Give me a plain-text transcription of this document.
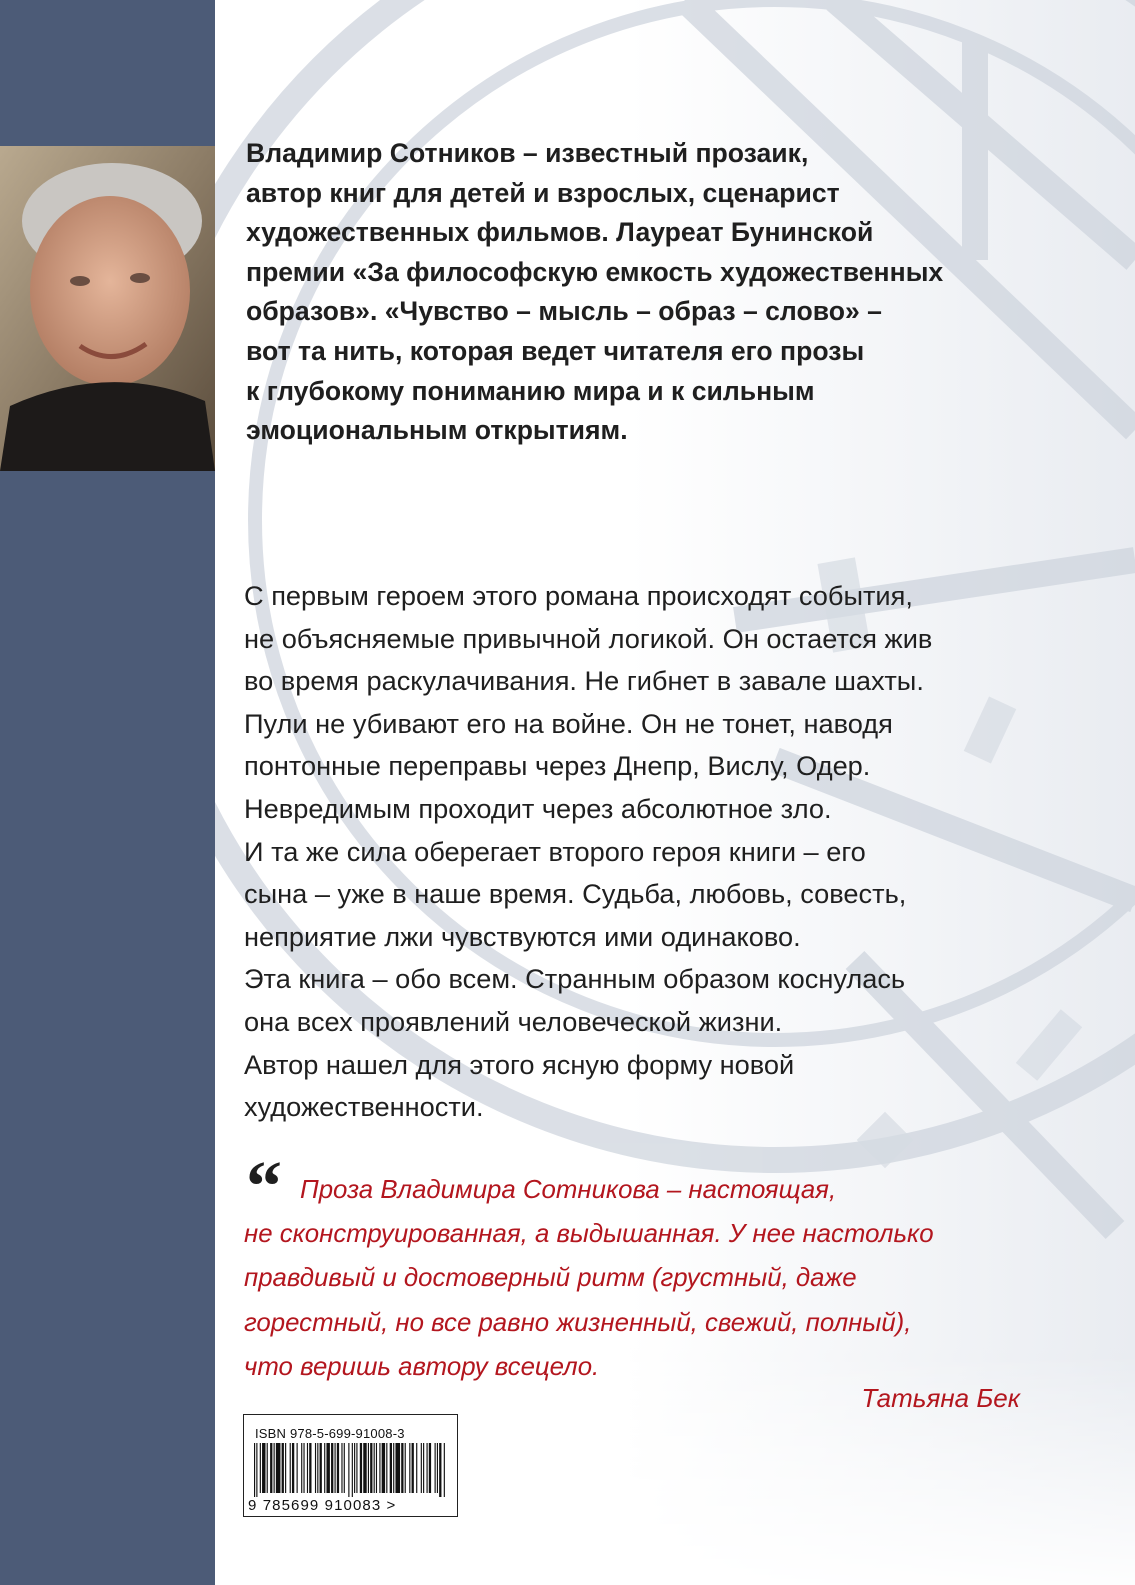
Владимир Сотников – известный прозаик,
автор книг для детей и взрослых, сценарист
художественных фильмов. Лауреат Бунинской
премии «За философскую емкость художественных
образов». «Чувство – мысль – образ – слово» –
вот та нить, которая ведет читателя его прозы
к глубокому пониманию мира и к сильным
эмоциональным открытиям.
С первым героем этого романа происходят события,
не объясняемые привычной логикой. Он остается жив
во время раскулачивания. Не гибнет в завале шахты.
Пули не убивают его на войне. Он не тонет, наводя
понтонные переправы через Днепр, Вислу, Одер.
Невредимым проходит через абсолютное зло.
И та же сила оберегает второго героя книги – его
сына – уже в наше время. Судьба, любовь, совесть,
неприятие лжи чувствуются ими одинаково.
Эта книга – обо всем. Странным образом коснулась
она всех проявлений человеческой жизни.
Автор нашел для этого ясную форму новой
художественности.
“ Проза Владимира Сотникова – настоящая,
не сконструированная, а выдышанная. У нее настолько
правдивый и достоверный ритм (грустный, даже
горестный, но все равно жизненный, свежий, полный),
что веришь автору всецело.
Татьяна Бек
ISBN 978-5-699-91008-3
9 785699 910083 >
